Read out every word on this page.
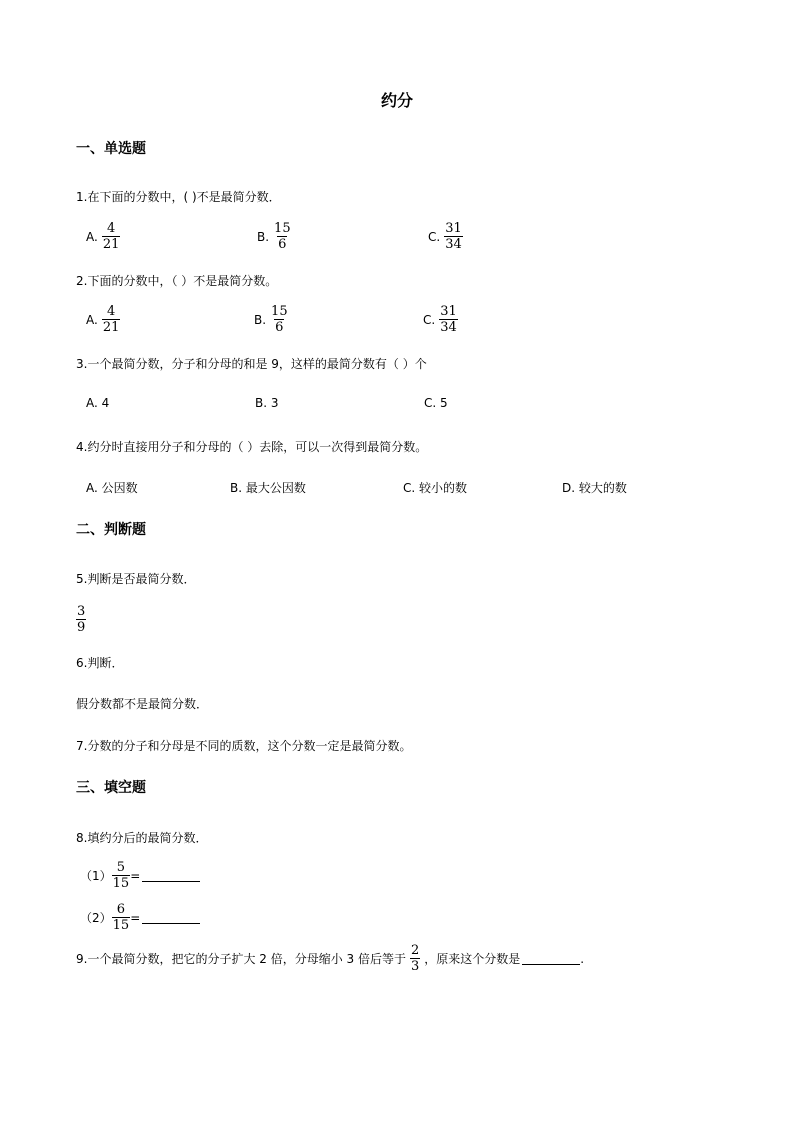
约分
一、单选题
1.在下面的分数中，( )不是最简分数．
A. $\frac{4}{21}$	B. $\frac{15}{6}$	C. $\frac{31}{34}$
2.下面的分数中，（ ）不是最简分数。
A. $\frac{4}{21}$	B. $\frac{15}{6}$	C. $\frac{31}{34}$
3.一个最简分数，分子和分母的和是 9，这样的最简分数有（ ）个
A. 4	B. 3	C. 5
4.约分时直接用分子和分母的（ ）去除，可以一次得到最简分数。
A. 公因数	B. 最大公因数	C. 较小的数	D. 较大的数
二、判断题
5.判断是否最简分数．
$\frac{3}{9}$
6.判断．
假分数都不是最简分数．
7.分数的分子和分母是不同的质数，这个分数一定是最简分数。
三、填空题
8.填约分后的最简分数．
$(1) \frac{5}{15}$ =
$(2) \frac{6}{15}$ =
9.一个最简分数，把它的分子扩大 2 倍，分母缩小 3 倍后等于 $\frac{2}{3}$ ，原来这个分数是	.
